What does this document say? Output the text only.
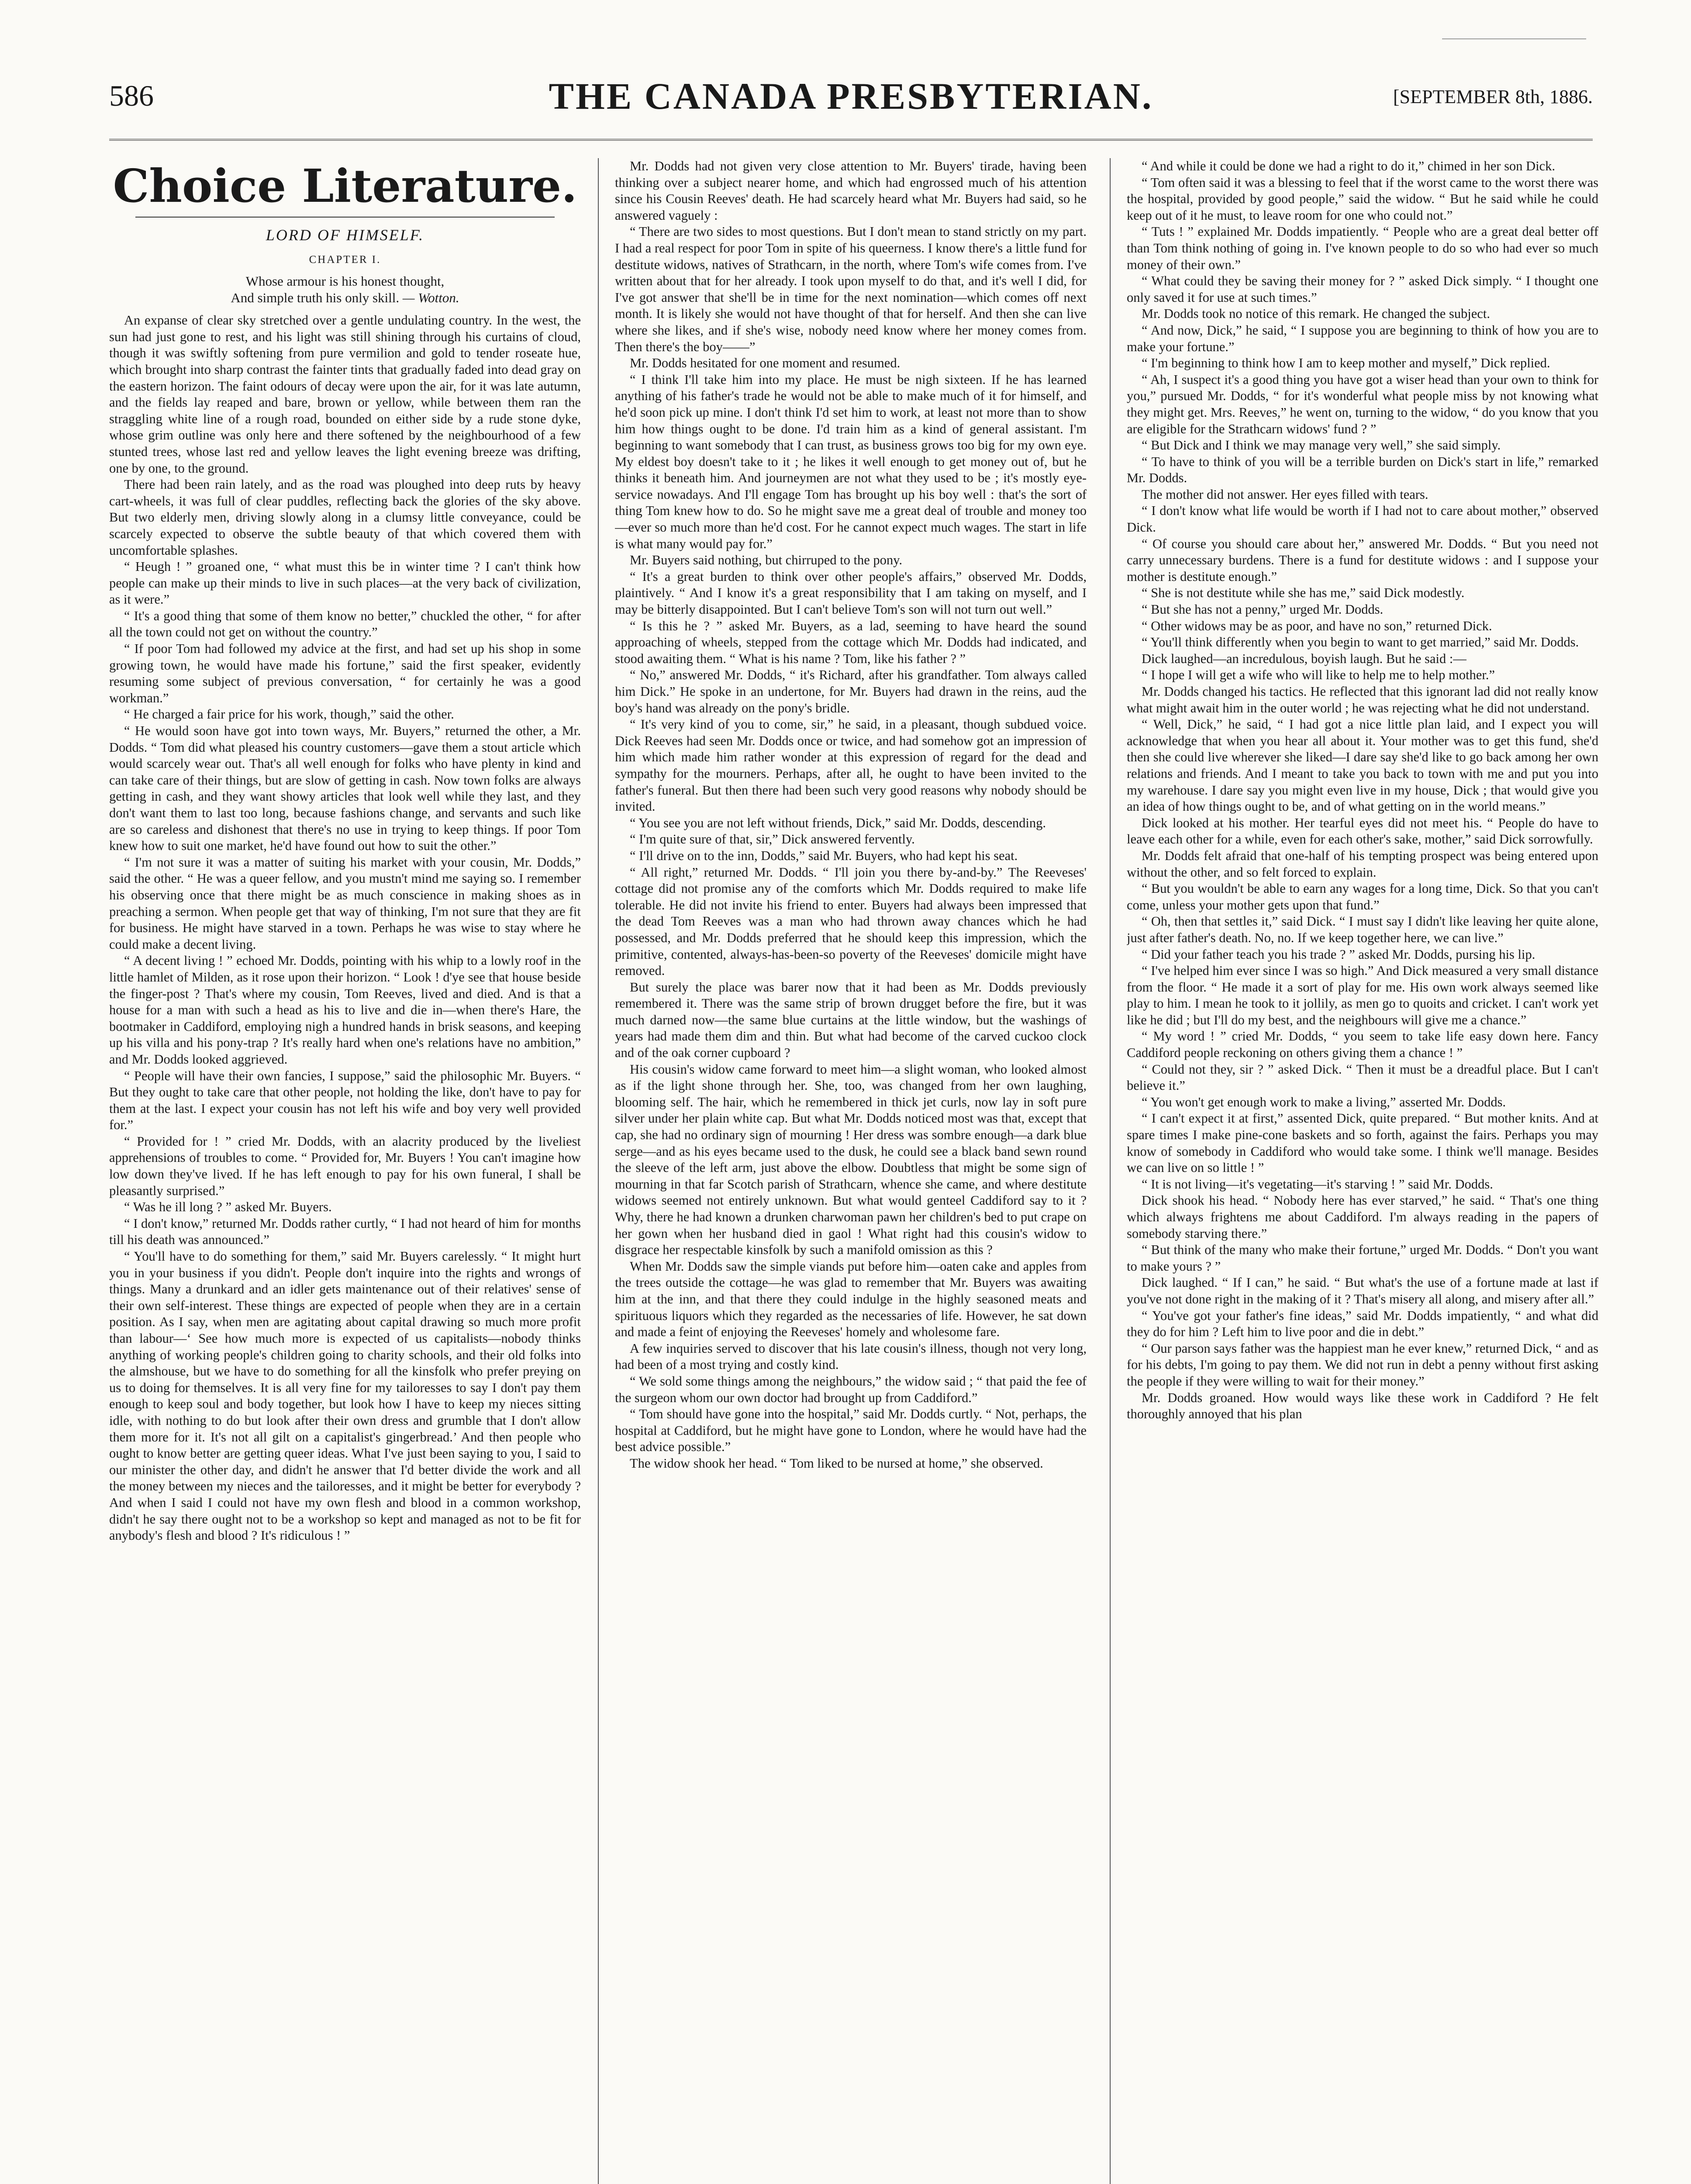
586	THE CANADA PRESBYTERIAN.	[SEPTEMBER 8th, 1886.
Choice Literature.
LORD OF HIMSELF.
CHAPTER I.
Whose armour is his honest thought,
And simple truth his only skill. — Wotton.

An expanse of clear sky stretched over a gentle undulating country. In the west, the sun had just gone to rest, and his light was still shining through his curtains of cloud, though it was swiftly softening from pure vermilion and gold to tender roseate hue, which brought into sharp contrast the fainter tints that gradually faded into dead gray on the eastern horizon. The faint odours of decay were upon the air, for it was late autumn, and the fields lay reaped and bare, brown or yellow, while between them ran the straggling white line of a rough road, bounded on either side by a rude stone dyke, whose grim outline was only here and there softened by the neighbourhood of a few stunted trees, whose last red and yellow leaves the light evening breeze was drifting, one by one, to the ground.

There had been rain lately, and as the road was ploughed into deep ruts by heavy cart-wheels, it was full of clear puddles, reflecting back the glories of the sky above. But two elderly men, driving slowly along in a clumsy little conveyance, could be scarcely expected to observe the subtle beauty of that which covered them with uncomfortable splashes.

“ Heugh ! ” groaned one, “ what must this be in winter time ? I can't think how people can make up their minds to live in such places—at the very back of civilization, as it were.”

“ It's a good thing that some of them know no better,” chuckled the other, “ for after all the town could not get on without the country.”

“ If poor Tom had followed my advice at the first, and had set up his shop in some growing town, he would have made his fortune,” said the first speaker, evidently resuming some subject of previous conversation, “ for certainly he was a good workman.”

“ He charged a fair price for his work, though,” said the other.

“ He would soon have got into town ways, Mr. Buyers,” returned the other, a Mr. Dodds. “ Tom did what pleased his country customers—gave them a stout article which would scarcely wear out. That's all well enough for folks who have plenty in kind and can take care of their things, but are slow of getting in cash. Now town folks are always getting in cash, and they want showy articles that look well while they last, and they don't want them to last too long, because fashions change, and servants and such like are so careless and dishonest that there's no use in trying to keep things. If poor Tom knew how to suit one market, he'd have found out how to suit the other.”

“ I'm not sure it was a matter of suiting his market with your cousin, Mr. Dodds,” said the other. “ He was a queer fellow, and you mustn't mind me saying so. I remember his observing once that there might be as much conscience in making shoes as in preaching a sermon. When people get that way of thinking, I'm not sure that they are fit for business. He might have starved in a town. Perhaps he was wise to stay where he could make a decent living.

“ A decent living ! ” echoed Mr. Dodds, pointing with his whip to a lowly roof in the little hamlet of Milden, as it rose upon their horizon. “ Look ! d'ye see that house beside the finger-post ? That's where my cousin, Tom Reeves, lived and died. And is that a house for a man with such a head as his to live and die in—when there's Hare, the bootmaker in Caddiford, employing nigh a hundred hands in brisk seasons, and keeping up his villa and his pony-trap ? It's really hard when one's relations have no ambition,” and Mr. Dodds looked aggrieved.

“ People will have their own fancies, I suppose,” said the philosophic Mr. Buyers. “ But they ought to take care that other people, not holding the like, don't have to pay for them at the last. I expect your cousin has not left his wife and boy very well provided for.”

“ Provided for ! ” cried Mr. Dodds, with an alacrity produced by the liveliest apprehensions of troubles to come. “ Provided for, Mr. Buyers ! You can't imagine how low down they've lived. If he has left enough to pay for his own funeral, I shall be pleasantly surprised.”

“ Was he ill long ? ” asked Mr. Buyers.

“ I don't know,” returned Mr. Dodds rather curtly, “ I had not heard of him for months till his death was announced.”

“ You'll have to do something for them,” said Mr. Buyers carelessly. “ It might hurt you in your business if you didn't. People don't inquire into the rights and wrongs of things. Many a drunkard and an idler gets maintenance out of their relatives' sense of their own self-interest. These things are expected of people when they are in a certain position. As I say, when men are agitating about capital drawing so much more profit than labour—‘ See how much more is expected of us capitalists—nobody thinks anything of working people's children going to charity schools, and their old folks into the almshouse, but we have to do something for all the kinsfolk who prefer preying on us to doing for themselves. It is all very fine for my tailoresses to say I don't pay them enough to keep soul and body together, but look how I have to keep my nieces sitting idle, with nothing to do but look after their own dress and grumble that I don't allow them more for it. It's not all gilt on a capitalist's gingerbread.’ And then people who ought to know better are getting queer ideas. What I've just been saying to you, I said to our minister the other day, and didn't he answer that I'd better divide the work and all the money between my nieces and the tailoresses, and it might be better for everybody ? And when I said I could not have my own flesh and blood in a common workshop, didn't he say there ought not to be a workshop so kept and managed as not to be fit for anybody's flesh and blood ? It's ridiculous ! ”

Mr. Dodds had not given very close attention to Mr. Buyers' tirade, having been thinking over a subject nearer home, and which had engrossed much of his attention since his Cousin Reeves' death. He had scarcely heard what Mr. Buyers had said, so he answered vaguely :

“ There are two sides to most questions. But I don't mean to stand strictly on my part. I had a real respect for poor Tom in spite of his queerness. I know there's a little fund for destitute widows, natives of Strathcarn, in the north, where Tom's wife comes from. I've written about that for her already. I took upon myself to do that, and it's well I did, for I've got answer that she'll be in time for the next nomination—which comes off next month. It is likely she would not have thought of that for herself. And then she can live where she likes, and if she's wise, nobody need know where her money comes from. Then there's the boy——”

Mr. Dodds hesitated for one moment and resumed.

“ I think I'll take him into my place. He must be nigh sixteen. If he has learned anything of his father's trade he would not be able to make much of it for himself, and he'd soon pick up mine. I don't think I'd set him to work, at least not more than to show him how things ought to be done. I'd train him as a kind of general assistant. I'm beginning to want somebody that I can trust, as business grows too big for my own eye. My eldest boy doesn't take to it ; he likes it well enough to get money out of, but he thinks it beneath him. And journeymen are not what they used to be ; it's mostly eye-service nowadays. And I'll engage Tom has brought up his boy well : that's the sort of thing Tom knew how to do. So he might save me a great deal of trouble and money too—ever so much more than he'd cost. For he cannot expect much wages. The start in life is what many would pay for.”

Mr. Buyers said nothing, but chirruped to the pony.

“ It's a great burden to think over other people's affairs,” observed Mr. Dodds, plaintively. “ And I know it's a great responsibility that I am taking on myself, and I may be bitterly disappointed. But I can't believe Tom's son will not turn out well.”

“ Is this he ? ” asked Mr. Buyers, as a lad, seeming to have heard the sound approaching of wheels, stepped from the cottage which Mr. Dodds had indicated, and stood awaiting them. “ What is his name ? Tom, like his father ? ”

“ No,” answered Mr. Dodds, “ it's Richard, after his grandfather. Tom always called him Dick.” He spoke in an undertone, for Mr. Buyers had drawn in the reins, aud the boy's hand was already on the pony's bridle.

“ It's very kind of you to come, sir,” he said, in a pleasant, though subdued voice. Dick Reeves had seen Mr. Dodds once or twice, and had somehow got an impression of him which made him rather wonder at this expression of regard for the dead and sympathy for the mourners. Perhaps, after all, he ought to have been invited to the father's funeral. But then there had been such very good reasons why nobody should be invited.

“ You see you are not left without friends, Dick,” said Mr. Dodds, descending.

“ I'm quite sure of that, sir,” Dick answered fervently.

“ I'll drive on to the inn, Dodds,” said Mr. Buyers, who had kept his seat.

“ All right,” returned Mr. Dodds. “ I'll join you there by-and-by.” The Reeveses' cottage did not promise any of the comforts which Mr. Dodds required to make life tolerable. He did not invite his friend to enter. Buyers had always been impressed that the dead Tom Reeves was a man who had thrown away chances which he had possessed, and Mr. Dodds preferred that he should keep this impression, which the primitive, contented, always-has-been-so poverty of the Reeveses' domicile might have removed.

But surely the place was barer now that it had been as Mr. Dodds previously remembered it. There was the same strip of brown drugget before the fire, but it was much darned now—the same blue curtains at the little window, but the washings of years had made them dim and thin. But what had become of the carved cuckoo clock and of the oak corner cupboard ?

His cousin's widow came forward to meet him—a slight woman, who looked almost as if the light shone through her. She, too, was changed from her own laughing, blooming self. The hair, which he remembered in thick jet curls, now lay in soft pure silver under her plain white cap. But what Mr. Dodds noticed most was that, except that cap, she had no ordinary sign of mourning ! Her dress was sombre enough—a dark blue serge—and as his eyes became used to the dusk, he could see a black band sewn round the sleeve of the left arm, just above the elbow. Doubtless that might be some sign of mourning in that far Scotch parish of Strathcarn, whence she came, and where destitute widows seemed not entirely unknown. But what would genteel Caddiford say to it ? Why, there he had known a drunken charwoman pawn her children's bed to put crape on her gown when her husband died in gaol ! What right had this cousin's widow to disgrace her respectable kinsfolk by such a manifold omission as this ?

When Mr. Dodds saw the simple viands put before him—oaten cake and apples from the trees outside the cottage—he was glad to remember that Mr. Buyers was awaiting him at the inn, and that there they could indulge in the highly seasoned meats and spirituous liquors which they regarded as the necessaries of life. However, he sat down and made a feint of enjoying the Reeveses' homely and wholesome fare.

A few inquiries served to discover that his late cousin's illness, though not very long, had been of a most trying and costly kind.

“ We sold some things among the neighbours,” the widow said ; “ that paid the fee of the surgeon whom our own doctor had brought up from Caddiford.”

“ Tom should have gone into the hospital,” said Mr. Dodds curtly. “ Not, perhaps, the hospital at Caddiford, but he might have gone to London, where he would have had the best advice possible.”

The widow shook her head. “ Tom liked to be nursed at home,” she observed.

“ And while it could be done we had a right to do it,” chimed in her son Dick.

“ Tom often said it was a blessing to feel that if the worst came to the worst there was the hospital, provided by good people,” said the widow. “ But he said while he could keep out of it he must, to leave room for one who could not.”

“ Tuts ! ” explained Mr. Dodds impatiently. “ People who are a great deal better off than Tom think nothing of going in. I've known people to do so who had ever so much money of their own.”

“ What could they be saving their money for ? ” asked Dick simply. “ I thought one only saved it for use at such times.”

Mr. Dodds took no notice of this remark. He changed the subject.

“ And now, Dick,” he said, “ I suppose you are beginning to think of how you are to make your fortune.”

“ I'm beginning to think how I am to keep mother and myself,” Dick replied.

“ Ah, I suspect it's a good thing you have got a wiser head than your own to think for you,” pursued Mr. Dodds, “ for it's wonderful what people miss by not knowing what they might get. Mrs. Reeves,” he went on, turning to the widow, “ do you know that you are eligible for the Strathcarn widows' fund ? ”

“ But Dick and I think we may manage very well,” she said simply.

“ To have to think of you will be a terrible burden on Dick's start in life,” remarked Mr. Dodds.

The mother did not answer. Her eyes filled with tears.

“ I don't know what life would be worth if I had not to care about mother,” observed Dick.

“ Of course you should care about her,” answered Mr. Dodds. “ But you need not carry unnecessary burdens. There is a fund for destitute widows : and I suppose your mother is destitute enough.”

“ She is not destitute while she has me,” said Dick modestly.

“ But she has not a penny,” urged Mr. Dodds.

“ Other widows may be as poor, and have no son,” returned Dick.

“ You'll think differently when you begin to want to get married,” said Mr. Dodds.

Dick laughed—an incredulous, boyish laugh. But he said :—

“ I hope I will get a wife who will like to help me to help mother.”

Mr. Dodds changed his tactics. He reflected that this ignorant lad did not really know what might await him in the outer world ; he was rejecting what he did not understand.

“ Well, Dick,” he said, “ I had got a nice little plan laid, and I expect you will acknowledge that when you hear all about it. Your mother was to get this fund, she'd then she could live wherever she liked—I dare say she'd like to go back among her own relations and friends. And I meant to take you back to town with me and put you into my warehouse. I dare say you might even live in my house, Dick ; that would give you an idea of how things ought to be, and of what getting on in the world means.”

Dick looked at his mother. Her tearful eyes did not meet his. “ People do have to leave each other for a while, even for each other's sake, mother,” said Dick sorrowfully.

Mr. Dodds felt afraid that one-half of his tempting prospect was being entered upon without the other, and so felt forced to explain.

“ But you wouldn't be able to earn any wages for a long time, Dick. So that you can't come, unless your mother gets upon that fund.”

“ Oh, then that settles it,” said Dick. “ I must say I didn't like leaving her quite alone, just after father's death. No, no. If we keep together here, we can live.”

“ Did your father teach you his trade ? ” asked Mr. Dodds, pursing his lip.

“ I've helped him ever since I was so high.” And Dick measured a very small distance from the floor. “ He made it a sort of play for me. His own work always seemed like play to him. I mean he took to it jollily, as men go to quoits and cricket. I can't work yet like he did ; but I'll do my best, and the neighbours will give me a chance.”

“ My word ! ” cried Mr. Dodds, “ you seem to take life easy down here. Fancy Caddiford people reckoning on others giving them a chance ! ”

“ Could not they, sir ? ” asked Dick. “ Then it must be a dreadful place. But I can't believe it.”

“ You won't get enough work to make a living,” asserted Mr. Dodds.

“ I can't expect it at first,” assented Dick, quite prepared. “ But mother knits. And at spare times I make pine-cone baskets and so forth, against the fairs. Perhaps you may know of somebody in Caddiford who would take some. I think we'll manage. Besides we can live on so little ! ”

“ It is not living—it's vegetating—it's starving ! ” said Mr. Dodds.

Dick shook his head. “ Nobody here has ever starved,” he said. “ That's one thing which always frightens me about Caddiford. I'm always reading in the papers of somebody starving there.”

“ But think of the many who make their fortune,” urged Mr. Dodds. “ Don't you want to make yours ? ”

Dick laughed. “ If I can,” he said. “ But what's the use of a fortune made at last if you've not done right in the making of it ? That's misery all along, and misery after all.”

“ You've got your father's fine ideas,” said Mr. Dodds impatiently, “ and what did they do for him ? Left him to live poor and die in debt.”

“ Our parson says father was the happiest man he ever knew,” returned Dick, “ and as for his debts, I'm going to pay them. We did not run in debt a penny without first asking the people if they were willing to wait for their money.”

Mr. Dodds groaned. How would ways like these work in Caddiford ? He felt thoroughly annoyed that his plan
